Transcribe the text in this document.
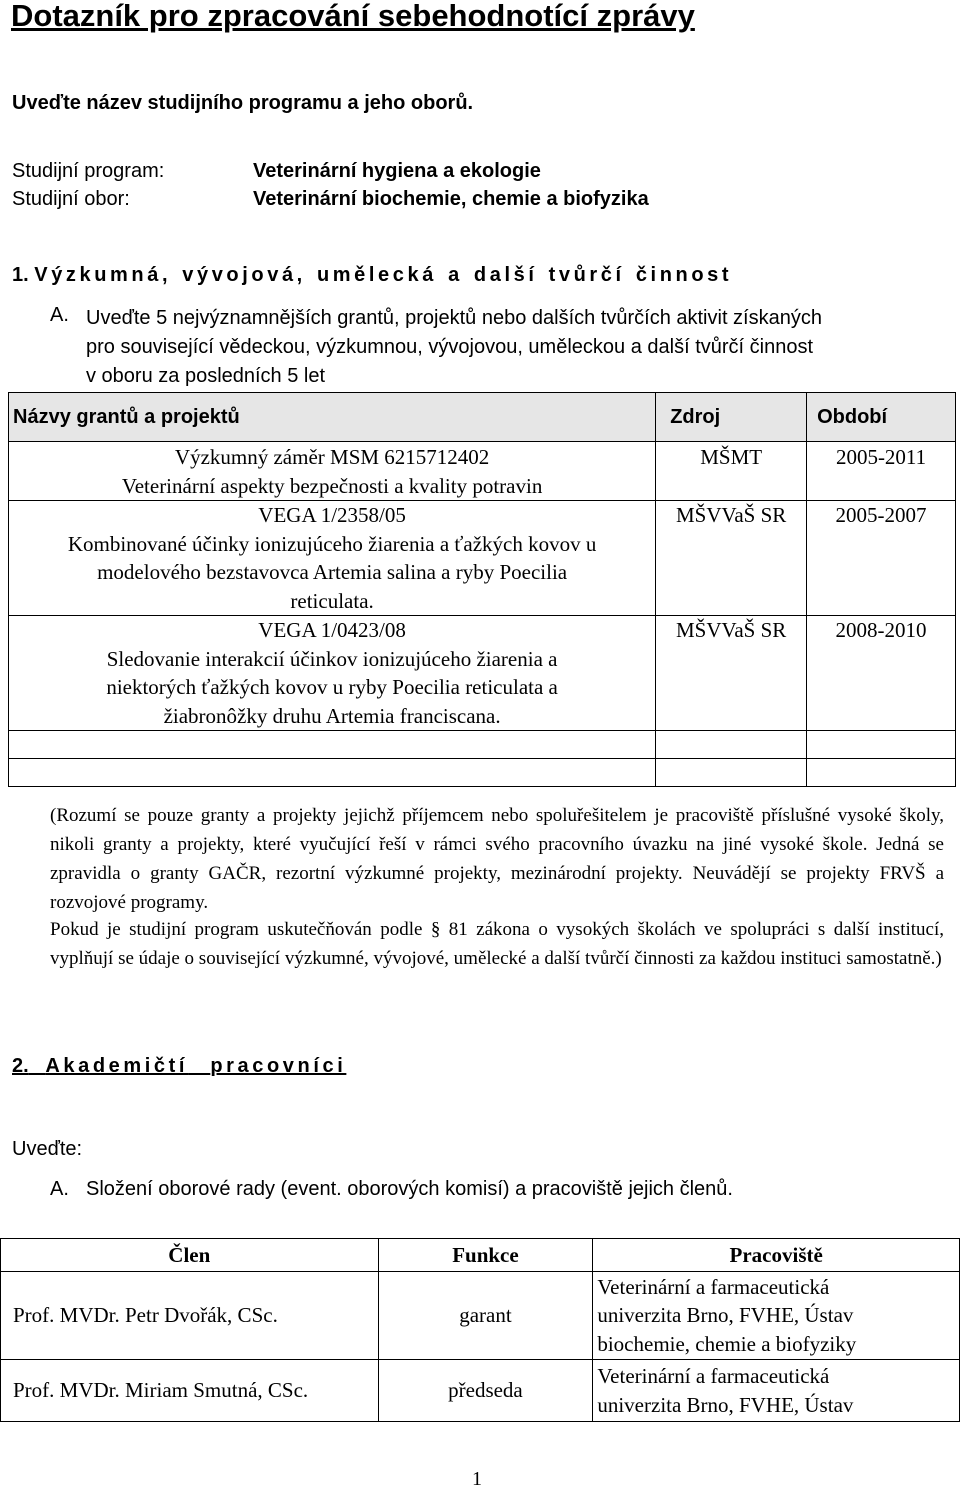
Dotazník pro zpracování sebehodnotící zprávy
Uveďte název studijního programu a jeho oborů.
Studijní program:	Veterinární hygiena a ekologie
Studijní obor:	Veterinární biochemie, chemie a biofyzika
1. Výzkumná, vývojová, umělecká a další tvůrčí činnost
A. Uveďte 5 nejvýznamnějších grantů, projektů nebo dalších tvůrčích aktivit získaných
pro související vědeckou, výzkumnou, vývojovou, uměleckou a další tvůrčí činnost
v oboru za posledních 5 let
Názvy grantů a projektů	Zdroj	Období

Výzkumný záměr MSM 6215712402
Veterinární aspekty bezpečnosti a kvality potravin	MŠMT	2005-2011

VEGA 1/2358/05
Kombinované účinky ionizujúceho žiarenia a ťažkých kovov u
modelového bezstavovca Artemia salina a ryby Poecilia
reticulata.	MŠVVaŠ SR	2005-2007

VEGA 1/0423/08
Sledovanie interakcií účinkov ionizujúceho žiarenia a
niektorých ťažkých kovov u ryby Poecilia reticulata a
žiabronôžky druhu Artemia franciscana.	MŠVVaŠ SR	2008-2010

(Rozumí se pouze granty a projekty jejichž příjemcem nebo spoluřešitelem je pracoviště příslušné vysoké školy, nikoli granty a projekty, které vyučující řeší v rámci svého pracovního úvazku na jiné vysoké škole. Jedná se zpravidla o granty GAČR, rezortní výzkumné projekty, mezinárodní projekty. Neuvádějí se projekty FRVŠ a rozvojové programy.
Pokud je studijní program uskutečňován podle § 81 zákona o vysokých školách ve spolupráci s další institucí, vyplňují se údaje o související výzkumné, vývojové, umělecké a další tvůrčí činnosti za každou instituci samostatně.)
2. Akademičtí pracovníci
Uveďte:
A. Složení oborové rady (event. oborových komisí) a pracoviště jejich členů.
Člen	Funkce	Pracoviště
Prof. MVDr. Petr Dvořák, CSc.	garant	Veterinární a farmaceutická
univerzita Brno, FVHE, Ústav
biochemie, chemie a biofyziky

Prof. MVDr. Miriam Smutná, CSc.	předseda	Veterinární a farmaceutická
univerzita Brno, FVHE, Ústav
1
